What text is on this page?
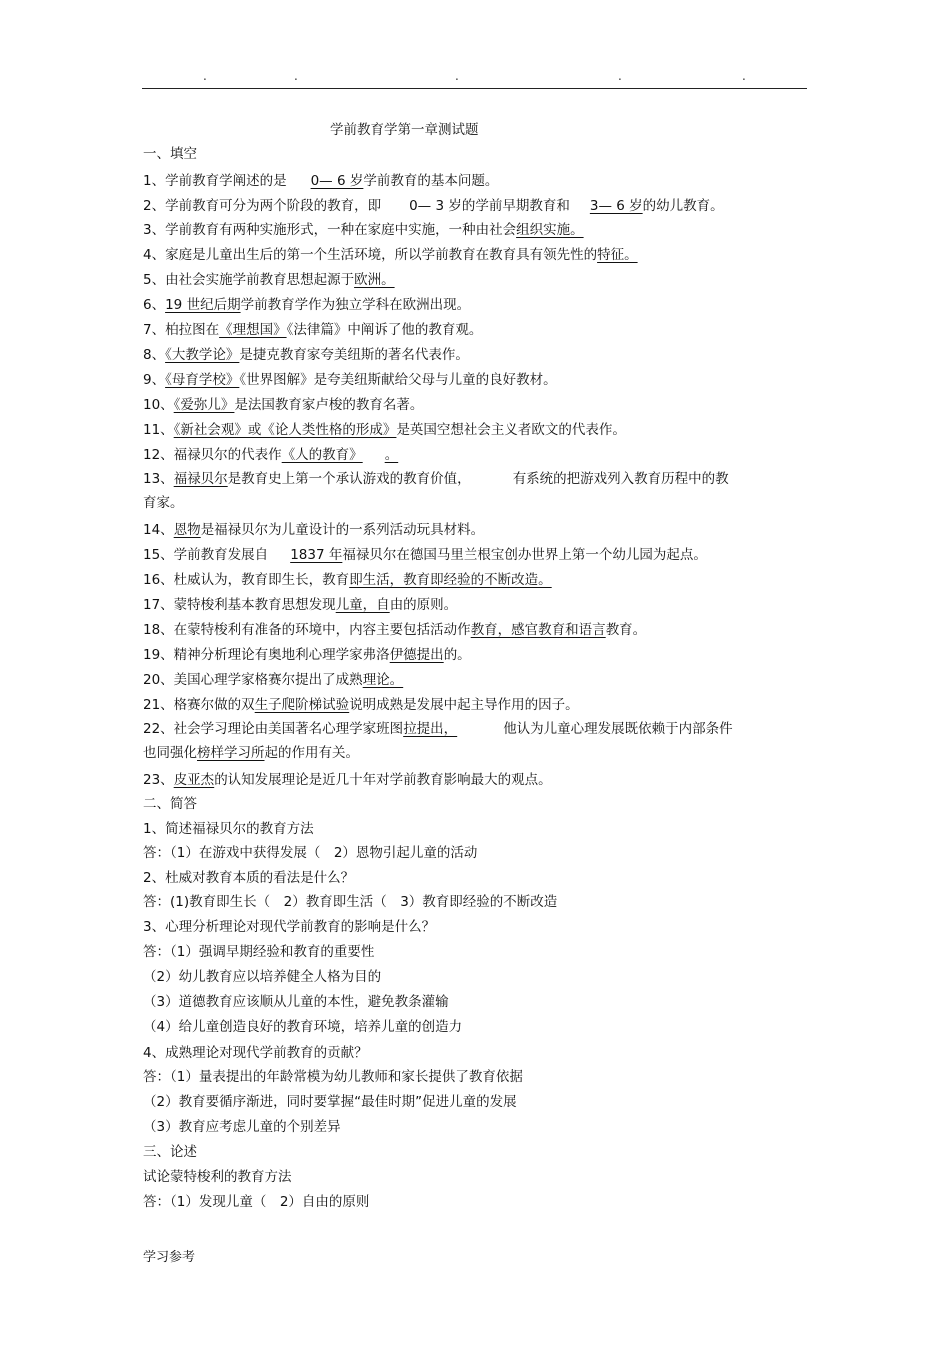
.	.	.	.	.
学前教育学第一章测试题
一、填空
1、学前教育学阐述的是 0— 6 岁学前教育的基本问题。
2、学前教育可分为两个阶段的教育，即 0— 3 岁的学前早期教育和 3— 6 岁的幼儿教育。
3、学前教育有两种实施形式，一种在家庭中实施，一种由社会组织实施。
4、家庭是儿童出生后的第一个生活环境，所以学前教育在教育具有领先性的特征。
5、由社会实施学前教育思想起源于欧洲。
6、19 世纪后期学前教育学作为独立学科在欧洲出现。
7、柏拉图在《理想国》《法律篇》中阐诉了他的教育观。
8、《大教学论》是捷克教育家夸美纽斯的著名代表作。
9、《母育学校》《世界图解》是夸美纽斯献给父母与儿童的良好教材。
10、《爱弥儿》是法国教育家卢梭的教育名著。
11、《新社会观》或《论人类性格的形成》是英国空想社会主义者欧文的代表作。
12、福禄贝尔的代表作《人的教育》 。
13、福禄贝尔是教育史上第一个承认游戏的教育价值，	有系统的把游戏列入教育历程中的教
育家。
14、恩物是福禄贝尔为儿童设计的一系列活动玩具材料。
15、学前教育发展自 1837 年福禄贝尔在德国马里兰根宝创办世界上第一个幼儿园为起点。
16、杜威认为，教育即生长，教育即生活，教育即经验的不断改造。
17、蒙特梭利基本教育思想发现儿童，自由的原则。
18、在蒙特梭利有准备的环境中，内容主要包括活动作教育，感官教育和语言教育。
19、精神分析理论有奥地利心理学家弗洛伊德提出的。
20、美国心理学家格赛尔提出了成熟理论。
21、格赛尔做的双生子爬阶梯试验说明成熟是发展中起主导作用的因子。
22、社会学习理论由美国著名心理学家班图拉提出，	他认为儿童心理发展既依赖于内部条件
也同强化榜样学习所起的作用有关。
23、皮亚杰的认知发展理论是近几十年对学前教育影响最大的观点。
二、简答
1、简述福禄贝尔的教育方法
答：（1）在游戏中获得发展（　2）恩物引起儿童的活动
2、杜威对教育本质的看法是什么？
答：(1)教育即生长（　2）教育即生活（　3）教育即经验的不断改造
3、心理分析理论对现代学前教育的影响是什么？
答：（1）强调早期经验和教育的重要性
（2）幼儿教育应以培养健全人格为目的
（3）道德教育应该顺从儿童的本性，避免教条灌输
（4）给儿童创造良好的教育环境，培养儿童的创造力
4、成熟理论对现代学前教育的贡献？
答：（1）量表提出的年龄常模为幼儿教师和家长提供了教育依据
（2）教育要循序渐进，同时要掌握“最佳时期”促进儿童的发展
（3）教育应考虑儿童的个别差异
三、论述
试论蒙特梭利的教育方法
答：（1）发现儿童（　2）自由的原则
学习参考
